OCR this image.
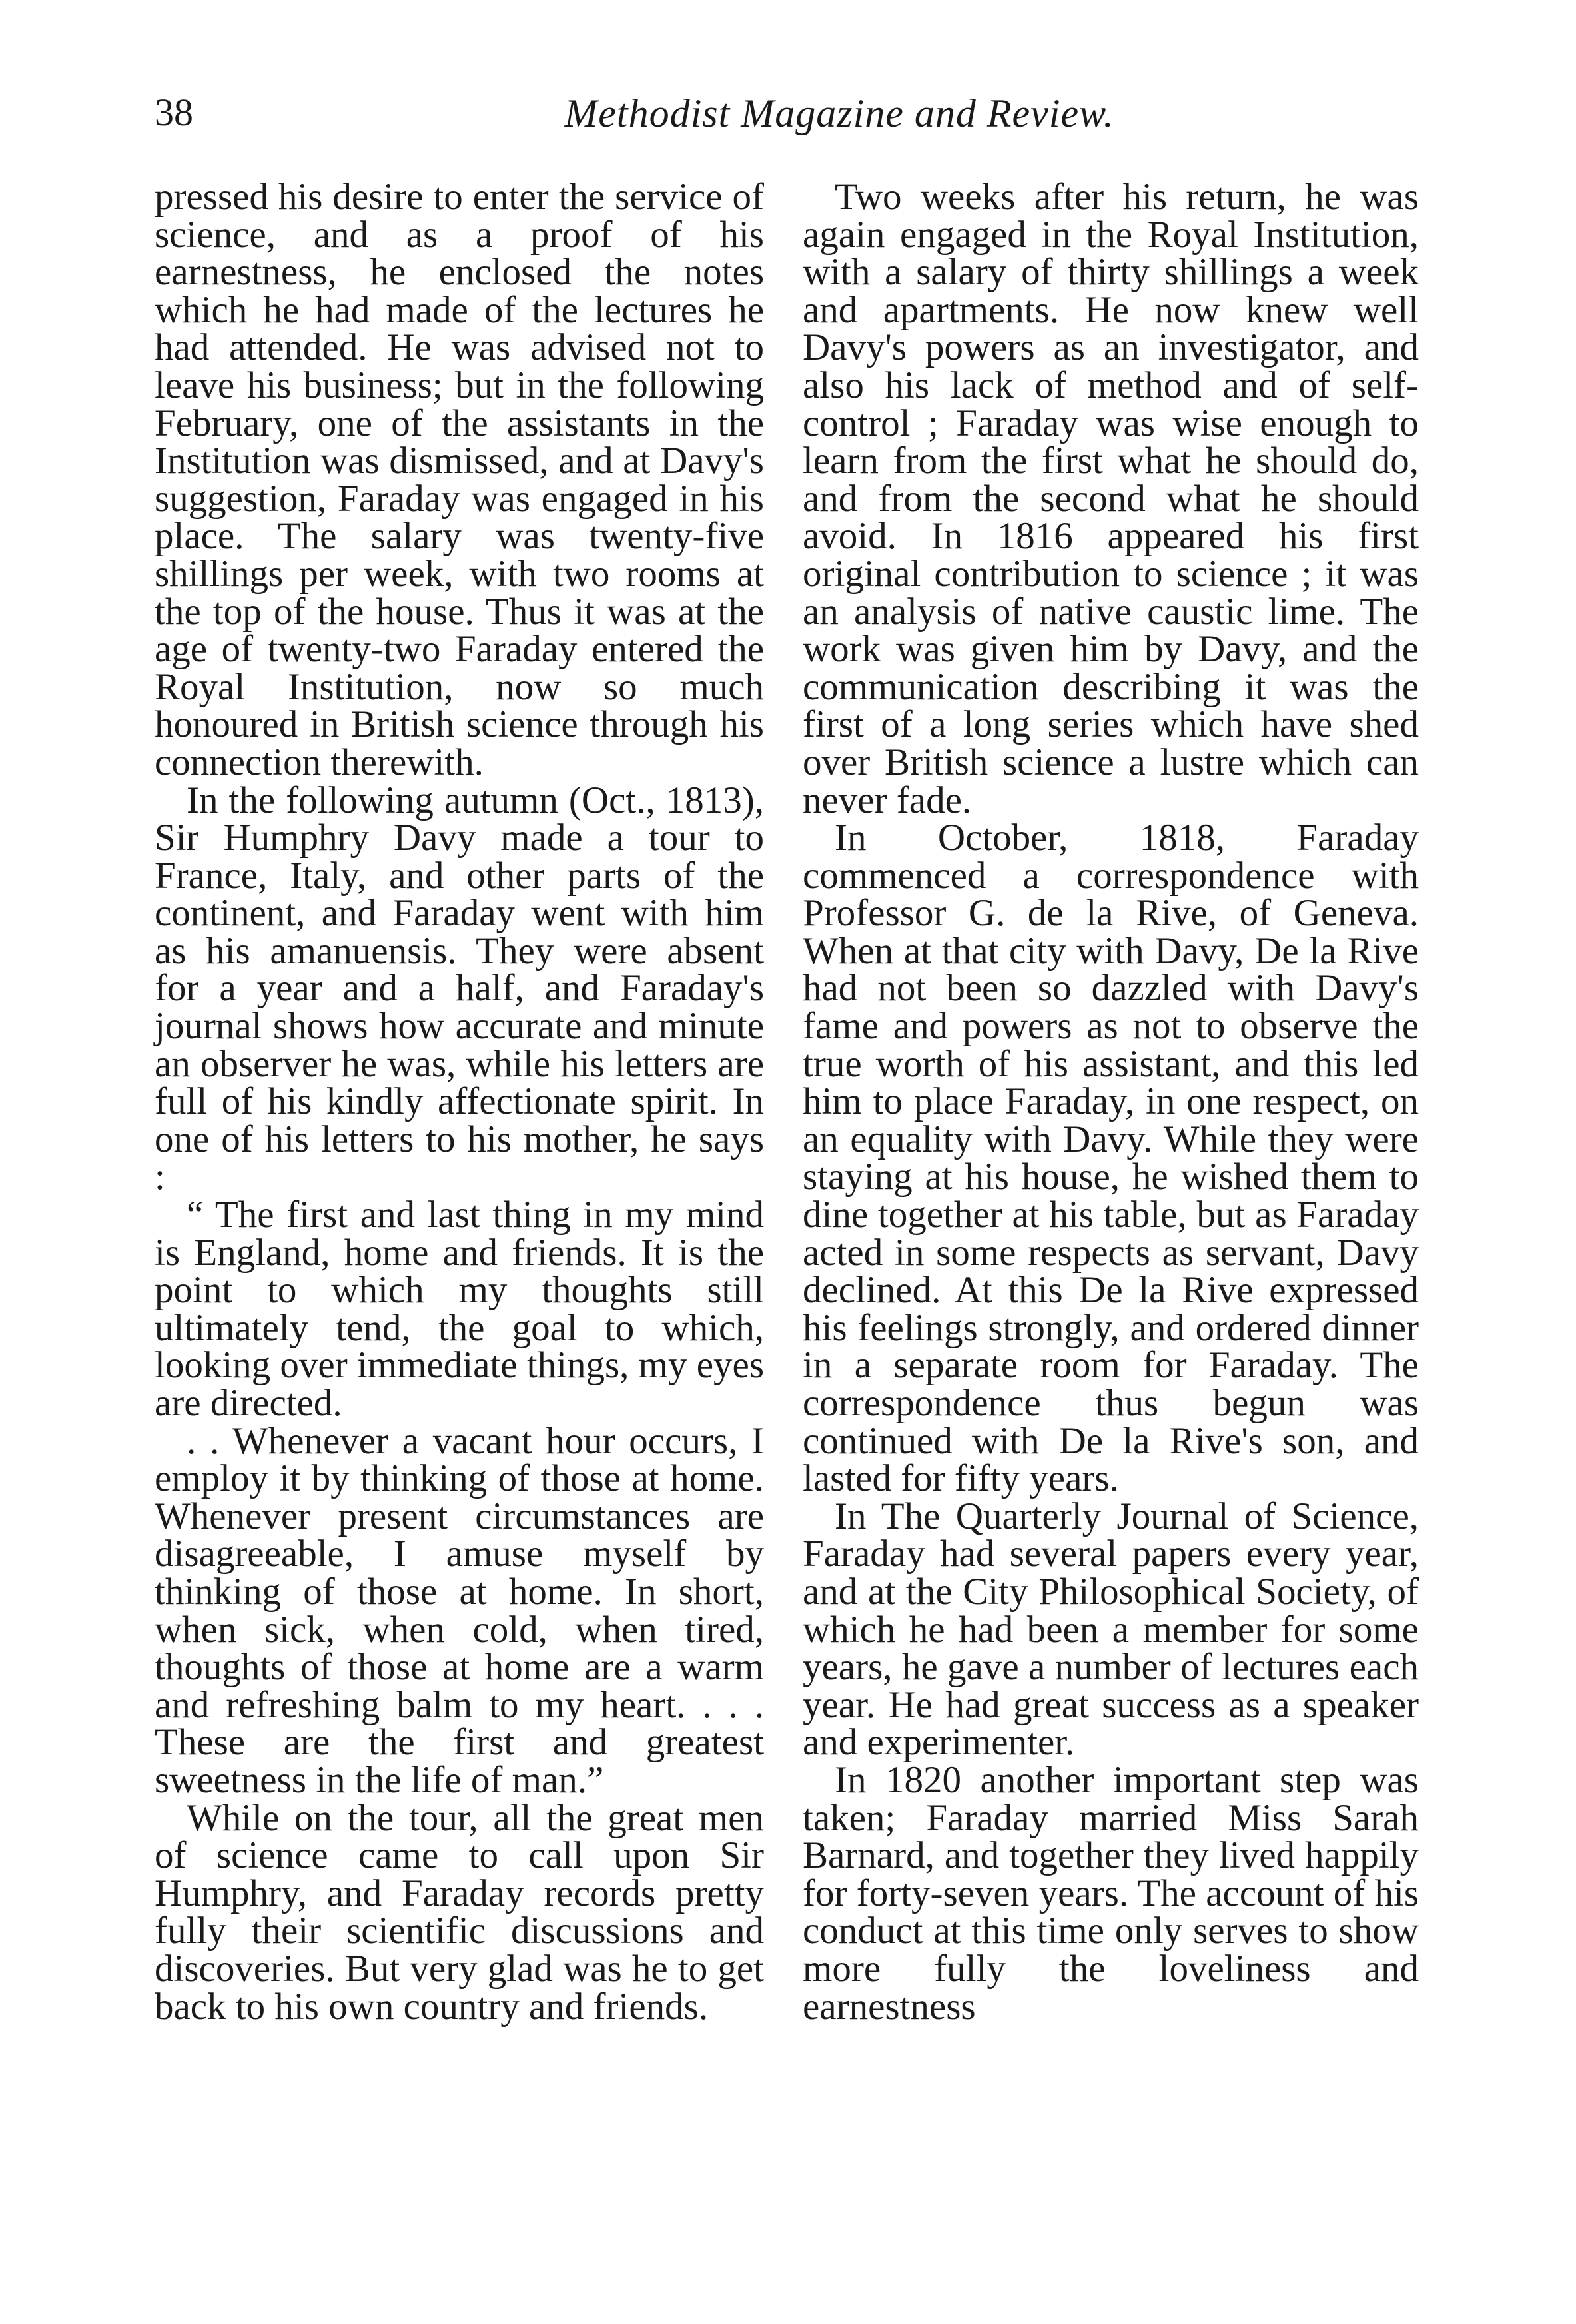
38	Methodist Magazine and Review.

pressed his desire to enter the service of science, and as a proof of his earnestness, he enclosed the notes which he had made of the lectures he had attended. He was advised not to leave his business; but in the following February, one of the assistants in the Institution was dismissed, and at Davy's suggestion, Faraday was engaged in his place. The salary was twenty-five shillings per week, with two rooms at the top of the house. Thus it was at the age of twenty-two Faraday entered the Royal Institution, now so much honoured in British science through his connection therewith.

In the following autumn (Oct., 1813), Sir Humphry Davy made a tour to France, Italy, and other parts of the continent, and Faraday went with him as his amanuensis. They were absent for a year and a half, and Faraday's journal shows how accurate and minute an observer he was, while his letters are full of his kindly affectionate spirit. In one of his letters to his mother, he says :

“ The first and last thing in my mind is England, home and friends. It is the point to which my thoughts still ultimately tend, the goal to which, looking over immediate things, my eyes are directed.

. . Whenever a vacant hour occurs, I employ it by thinking of those at home. Whenever present circumstances are disagreeable, I amuse myself by thinking of those at home. In short, when sick, when cold, when tired, thoughts of those at home are a warm and refreshing balm to my heart. . . . These are the first and greatest sweetness in the life of man.”

While on the tour, all the great men of science came to call upon Sir Humphry, and Faraday records pretty fully their scientific discussions and discoveries. But very glad was he to get back to his own country and friends.

Two weeks after his return, he was again engaged in the Royal Institution, with a salary of thirty shillings a week and apartments. He now knew well Davy's powers as an investigator, and also his lack of method and of self-control ; Faraday was wise enough to learn from the first what he should do, and from the second what he should avoid. In 1816 appeared his first original contribution to science ; it was an analysis of native caustic lime. The work was given him by Davy, and the communication describing it was the first of a long series which have shed over British science a lustre which can never fade.

In October, 1818, Faraday commenced a correspondence with Professor G. de la Rive, of Geneva. When at that city with Davy, De la Rive had not been so dazzled with Davy's fame and powers as not to observe the true worth of his assistant, and this led him to place Faraday, in one respect, on an equality with Davy. While they were staying at his house, he wished them to dine together at his table, but as Faraday acted in some respects as servant, Davy declined. At this De la Rive expressed his feelings strongly, and ordered dinner in a separate room for Faraday. The correspondence thus begun was continued with De la Rive's son, and lasted for fifty years.

In The Quarterly Journal of Science, Faraday had several papers every year, and at the City Philosophical Society, of which he had been a member for some years, he gave a number of lectures each year. He had great success as a speaker and experimenter.

In 1820 another important step was taken; Faraday married Miss Sarah Barnard, and together they lived happily for forty-seven years. The account of his conduct at this time only serves to show more fully the loveliness and earnestness
